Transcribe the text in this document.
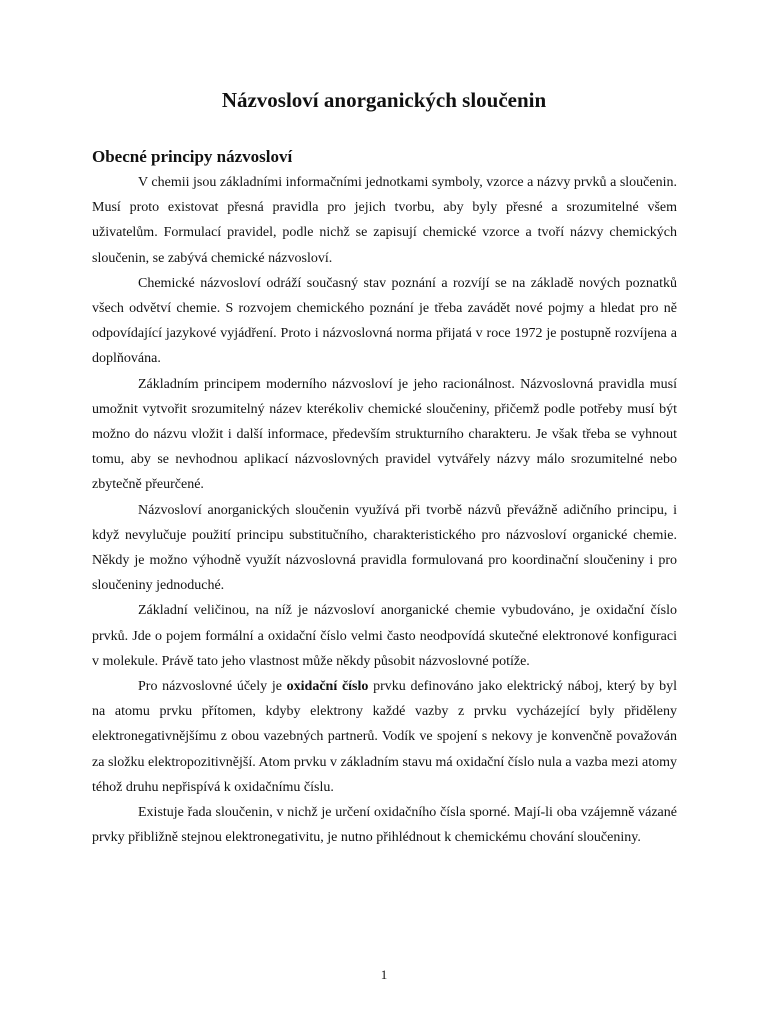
Názvosloví anorganických sloučenin
Obecné principy názvosloví

V chemii jsou základními informačními jednotkami symboly, vzorce a názvy prvků a sloučenin. Musí proto existovat přesná pravidla pro jejich tvorbu, aby byly přesné a srozumitelné všem uživatelům. Formulací pravidel, podle nichž se zapisují chemické vzorce a tvoří názvy chemických sloučenin, se zabývá chemické názvosloví.

Chemické názvosloví odráží současný stav poznání a rozvíjí se na základě nových poznatků všech odvětví chemie. S rozvojem chemického poznání je třeba zavádět nové pojmy a hledat pro ně odpovídající jazykové vyjádření. Proto i názvoslovná norma přijatá v roce 1972 je postupně rozvíjena a doplňována.

Základním principem moderního názvosloví je jeho racionálnost. Názvoslovná pravidla musí umožnit vytvořit srozumitelný název kterékoliv chemické sloučeniny, přičemž podle potřeby musí být možno do názvu vložit i další informace, především strukturního charakteru. Je však třeba se vyhnout tomu, aby se nevhodnou aplikací názvoslovných pravidel vytvářely názvy málo srozumitelné nebo zbytečně přeurčené.

Názvosloví anorganických sloučenin využívá při tvorbě názvů převážně adičního principu, i když nevylučuje použití principu substitučního, charakteristického pro názvosloví organické chemie. Někdy je možno výhodně využít názvoslovná pravidla formulovaná pro koordinační sloučeniny i pro sloučeniny jednoduché.

Základní veličinou, na níž je názvosloví anorganické chemie vybudováno, je oxidační číslo prvků. Jde o pojem formální a oxidační číslo velmi často neodpovídá skutečné elektronové konfiguraci v molekule. Právě tato jeho vlastnost může někdy působit názvoslovné potíže.

Pro názvoslovné účely je oxidační číslo prvku definováno jako elektrický náboj, který by byl na atomu prvku přítomen, kdyby elektrony každé vazby z prvku vycházející byly přiděleny elektronegativnějšímu z obou vazebných partnerů. Vodík ve spojení s nekovy je konvenčně považován za složku elektropozitivnější. Atom prvku v základním stavu má oxidační číslo nula a vazba mezi atomy téhož druhu nepřispívá k oxidačnímu číslu.

Existuje řada sloučenin, v nichž je určení oxidačního čísla sporné. Mají-li oba vzájemně vázané prvky přibližně stejnou elektronegativitu, je nutno přihlédnout k chemickému chování sloučeniny.

1
